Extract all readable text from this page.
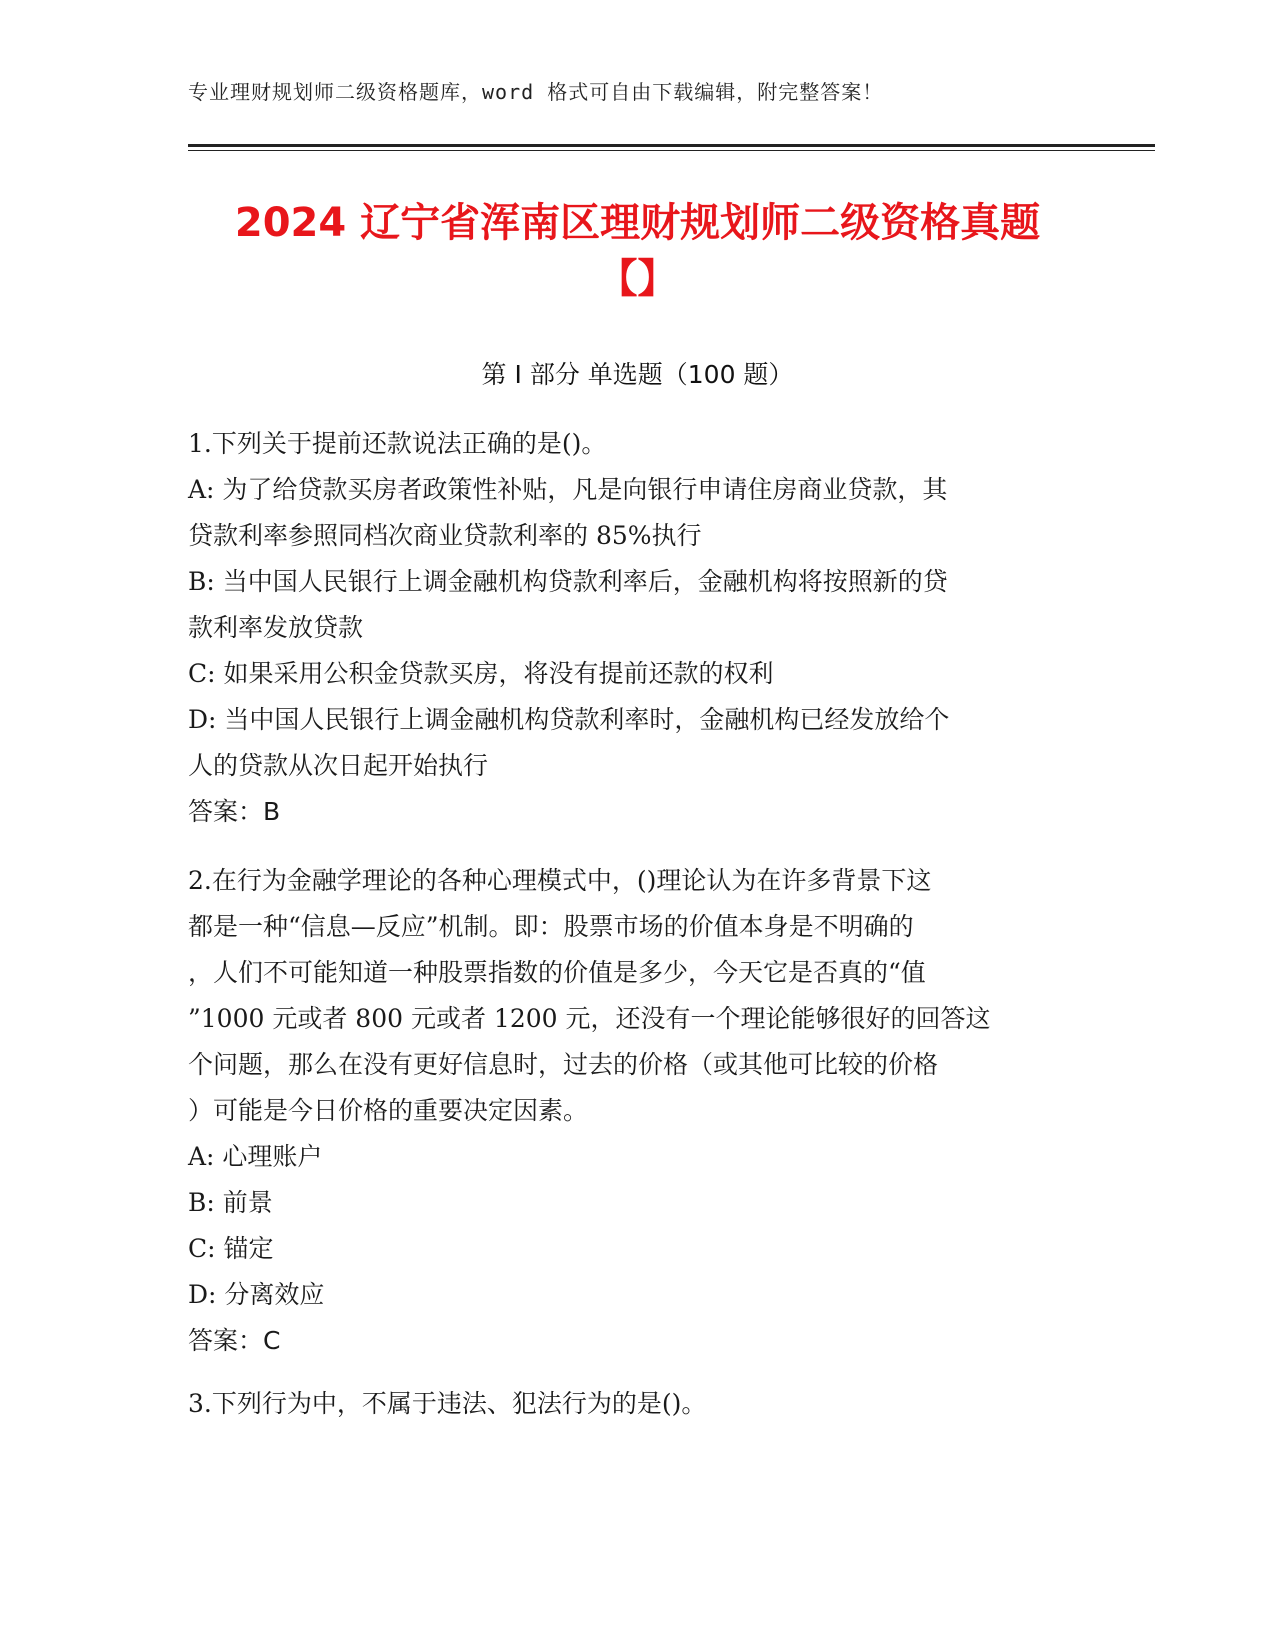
专业理财规划师二级资格题库，word 格式可自由下载编辑，附完整答案！
2024 辽宁省浑南区理财规划师二级资格真题
【】
第 I 部分 单选题（100 题）
1.下列关于提前还款说法正确的是()。
A: 为了给贷款买房者政策性补贴，凡是向银行申请住房商业贷款，其
贷款利率参照同档次商业贷款利率的 85%执行
B: 当中国人民银行上调金融机构贷款利率后，金融机构将按照新的贷
款利率发放贷款
C: 如果采用公积金贷款买房，将没有提前还款的权利
D: 当中国人民银行上调金融机构贷款利率时，金融机构已经发放给个
人的贷款从次日起开始执行
答案：B
2.在行为金融学理论的各种心理模式中，()理论认为在许多背景下这
都是一种“信息—反应”机制。即：股票市场的价值本身是不明确的
，人们不可能知道一种股票指数的价值是多少，今天它是否真的“值
”1000 元或者 800 元或者 1200 元，还没有一个理论能够很好的回答这
个问题，那么在没有更好信息时，过去的价格（或其他可比较的价格
）可能是今日价格的重要决定因素。
A: 心理账户
B: 前景
C: 锚定
D: 分离效应
答案：C
3.下列行为中，不属于违法、犯法行为的是()。
